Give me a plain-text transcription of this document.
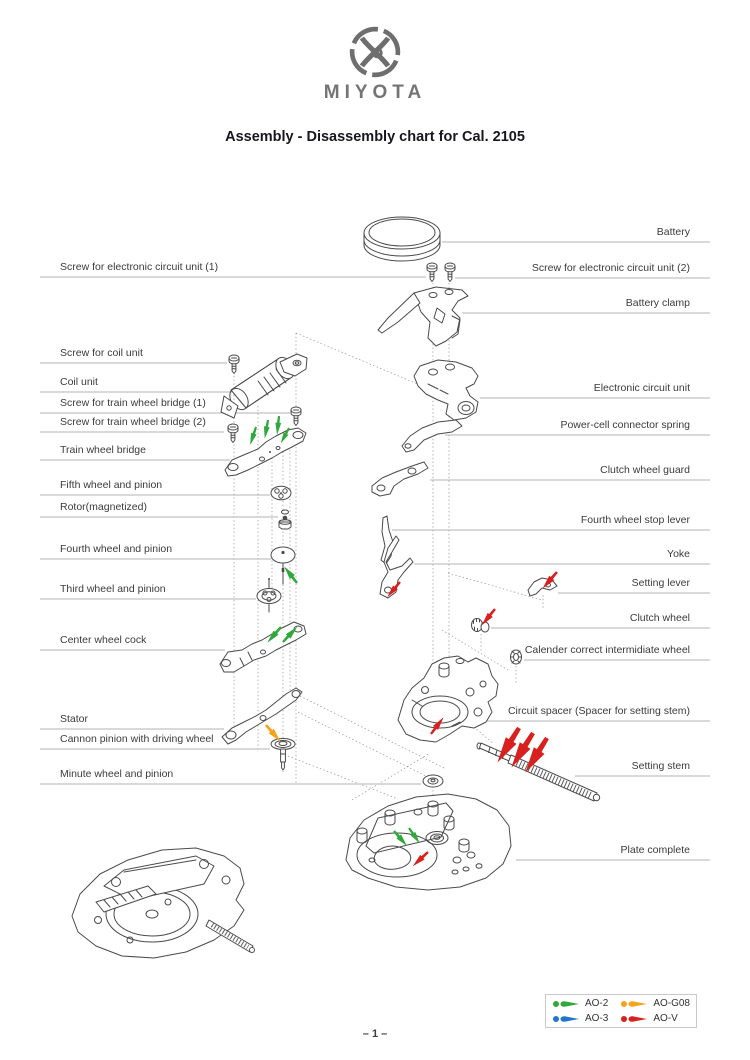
MIYOTA
Assembly - Disassembly chart for Cal. 2105
Screw for electronic circuit unit (1)
Screw for coil unit
Coil unit
Screw for train wheel bridge (1)
Screw for train wheel bridge (2)
Train wheel bridge
Fifth wheel and pinion
Rotor(magnetized)
Fourth wheel and pinion
Third wheel and pinion
Center wheel cock
Stator
Cannon pinion with driving wheel
Minute wheel and pinion
Battery
Screw for electronic circuit unit (2)
Battery clamp
Electronic circuit unit
Power-cell connector spring
Clutch wheel guard
Fourth wheel stop lever
Yoke
Setting lever
Clutch wheel
Calender correct intermidiate wheel
Circuit spacer (Spacer for setting stem)
Setting stem
Plate complete
AO-2
AO-3
AO-G08
AO-V
– 1 –
